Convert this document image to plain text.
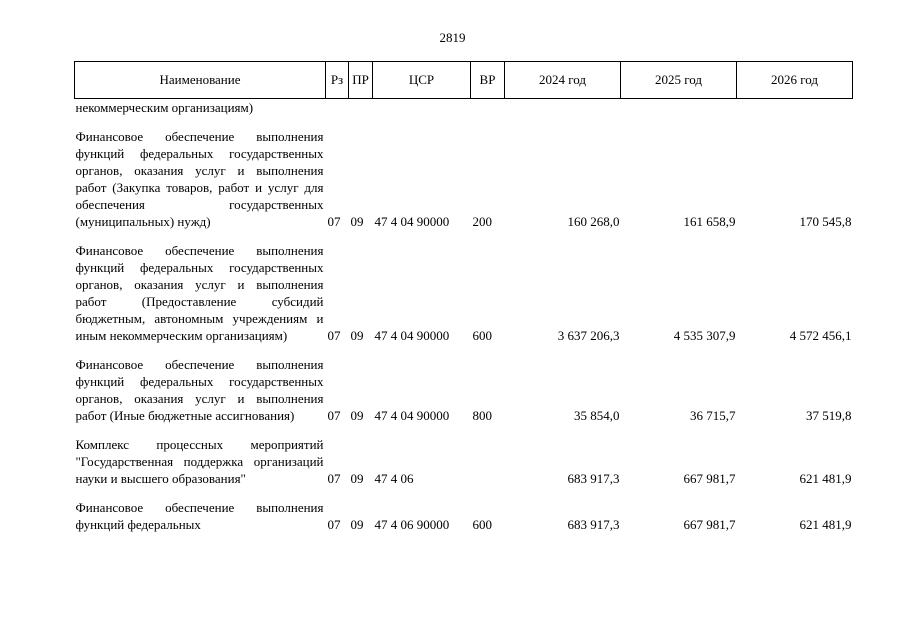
2819
Наименование	Рз	ПР	ЦСР	ВР	2024 год	2025 год	2026 год
некоммерческим организациям)							
Финансовое обеспечение выполнения функций федеральных государственных органов, оказания услуг и выполнения работ (Закупка товаров, работ и услуг для обеспечения государственных (муниципальных) нужд)	07	09	47 4 04 90000	200	160 268,0	161 658,9	170 545,8
Финансовое обеспечение выполнения функций федеральных государственных органов, оказания услуг и выполнения работ (Предоставление субсидий бюджетным, автономным учреждениям и иным некоммерческим организациям)	07	09	47 4 04 90000	600	3 637 206,3	4 535 307,9	4 572 456,1
Финансовое обеспечение выполнения функций федеральных государственных органов, оказания услуг и выполнения работ (Иные бюджетные ассигнования)	07	09	47 4 04 90000	800	35 854,0	36 715,7	37 519,8
Комплекс процессных мероприятий "Государственная поддержка организаций науки и высшего образования"	07	09	47 4 06		683 917,3	667 981,7	621 481,9
Финансовое обеспечение выполнения функций федеральных	07	09	47 4 06 90000	600	683 917,3	667 981,7	621 481,9
